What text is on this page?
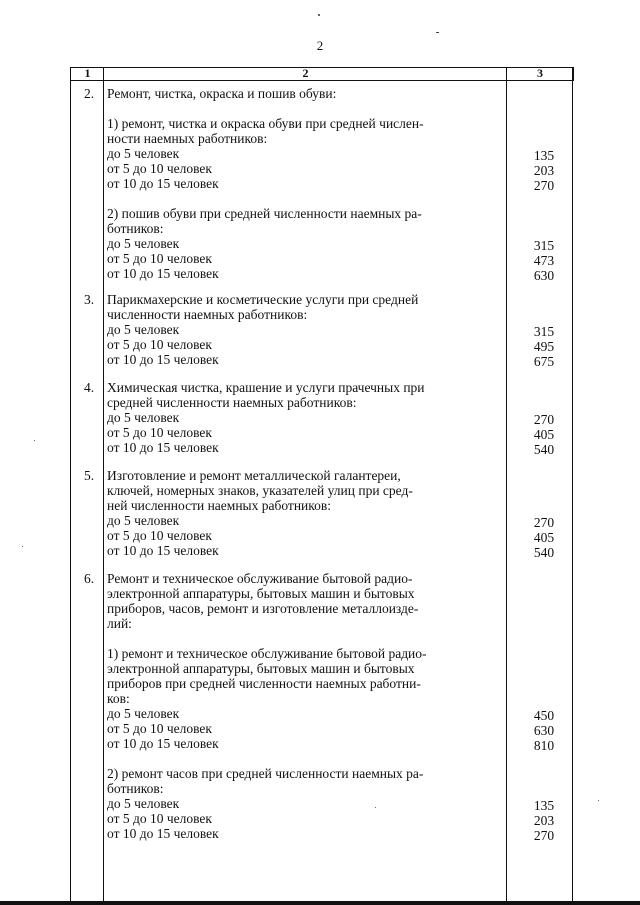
2
1	2	3
2. Ремонт, чистка, окраска и пошив обуви:
1) ремонт, чистка и окраска обуви при средней числен-
ности наемных работников:
до 5 человек	135
от 5 до 10 человек	203
от 10 до 15 человек	270
2) пошив обуви при средней численности наемных ра-
ботников:
до 5 человек	315
от 5 до 10 человек	473
от 10 до 15 человек	630
3. Парикмахерские и косметические услуги при средней
численности наемных работников:
до 5 человек	315
от 5 до 10 человек	495
от 10 до 15 человек	675
4. Химическая чистка, крашение и услуги прачечных при
средней численности наемных работников:
до 5 человек	270
от 5 до 10 человек	405
от 10 до 15 человек	540
5. Изготовление и ремонт металлической галантереи,
ключей, номерных знаков, указателей улиц при сред-
ней численности наемных работников:
до 5 человек	270
от 5 до 10 человек	405
от 10 до 15 человек	540
6. Ремонт и техническое обслуживание бытовой радио-
электронной аппаратуры, бытовых машин и бытовых
приборов, часов, ремонт и изготовление металлоизде-
лий:
1) ремонт и техническое обслуживание бытовой радио-
электронной аппаратуры, бытовых машин и бытовых
приборов при средней численности наемных работни-
ков:
до 5 человек	450
от 5 до 10 человек	630
от 10 до 15 человек	810
2) ремонт часов при средней численности наемных ра-
ботников:
до 5 человек	135
от 5 до 10 человек	203
от 10 до 15 человек	270
